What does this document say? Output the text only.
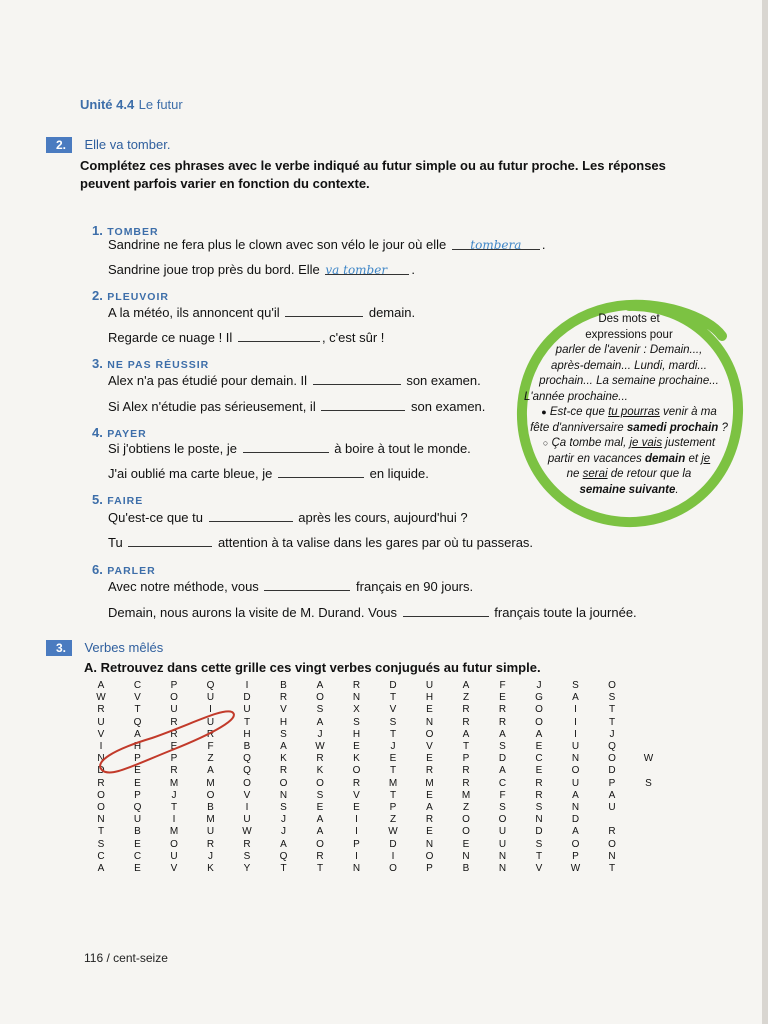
Unité 4.4 Le futur
2. Elle va tomber.
Complétez ces phrases avec le verbe indiqué au futur simple ou au futur proche. Les réponses
peuvent parfois varier en fonction du contexte.
1. TOMBER
Sandrine ne fera plus le clown avec son vélo le jour où elle tombera .
Sandrine joue trop près du bord. Elle va tomber .
2. PLEUVOIR
A la météo, ils annoncent qu'il	demain.
Regarde ce nuage ! Il	, c'est sûr !
3. NE PAS RÉUSSIR
Alex n'a pas étudié pour demain. Il	son examen.
Si Alex n'étudie pas sérieusement, il	son examen.
4. PAYER
Si j'obtiens le poste, je	à boire à tout le monde.
J'ai oublié ma carte bleue, je	en liquide.
5. FAIRE
Qu'est-ce que tu	après les cours, aujourd'hui ?
Tu	attention à ta valise dans les gares par où tu passeras.
6. PARLER
Avec notre méthode, vous	français en 90 jours.
Demain, nous aurons la visite de M. Durand. Vous	français toute la journée.
Des mots et
expressions pour
parler de l'avenir : Demain...,
après-demain... Lundi, mardi...
prochain... La semaine prochaine...
L'année prochaine...
● Est-ce que tu pourras venir à ma
fête d'anniversaire samedi prochain ?
○ Ça tombe mal, je vais justement
partir en vacances demain et je
ne serai de retour que la
semaine suivante.
3. Verbes mêlés
A. Retrouvez dans cette grille ces vingt verbes conjugués au futur simple.
A	C	P	Q	I	B	A	R	D	U	A	F	J	S	O
W	V	O	U	D	R	O	N	T	H	Z	E	G	A	S
R	T	U	I	U	V	S	X	V	E	R	R	O	I	T
U	Q	R	U	T	H	A	S	S	N	R	R	O	I	T
V	A	R	R	H	S	J	H	T	O	A	A	A	I	J
I	H	E	F	B	A	W	E	J	V	T	S	E	U	Q
N	P	P	Z	Q	K	R	K	E	E	P	D	C	N	O	W
D	E	R	A	Q	R	K	O	T	R	R	A	E	O	D
R	E	M	M	O	O	O	R	M	M	R	C	R	U	P	S
O	P	J	O	V	N	S	V	T	E	M	F	R	A	A
O	Q	T	B	I	S	E	E	P	A	Z	S	S	N	U
N	U	I	M	U	J	A	I	Z	R	O	O	N	D
T	B	M	U	W	J	A	I	W	E	O	U	D	A	R
S	E	O	R	R	A	O	P	D	N	E	U	S	O	O
C	C	U	J	S	Q	R	I	I	O	N	N	T	P	N
A	E	V	K	Y	T	T	N	O	P	B	N	V	W	T
116 / cent-seize
